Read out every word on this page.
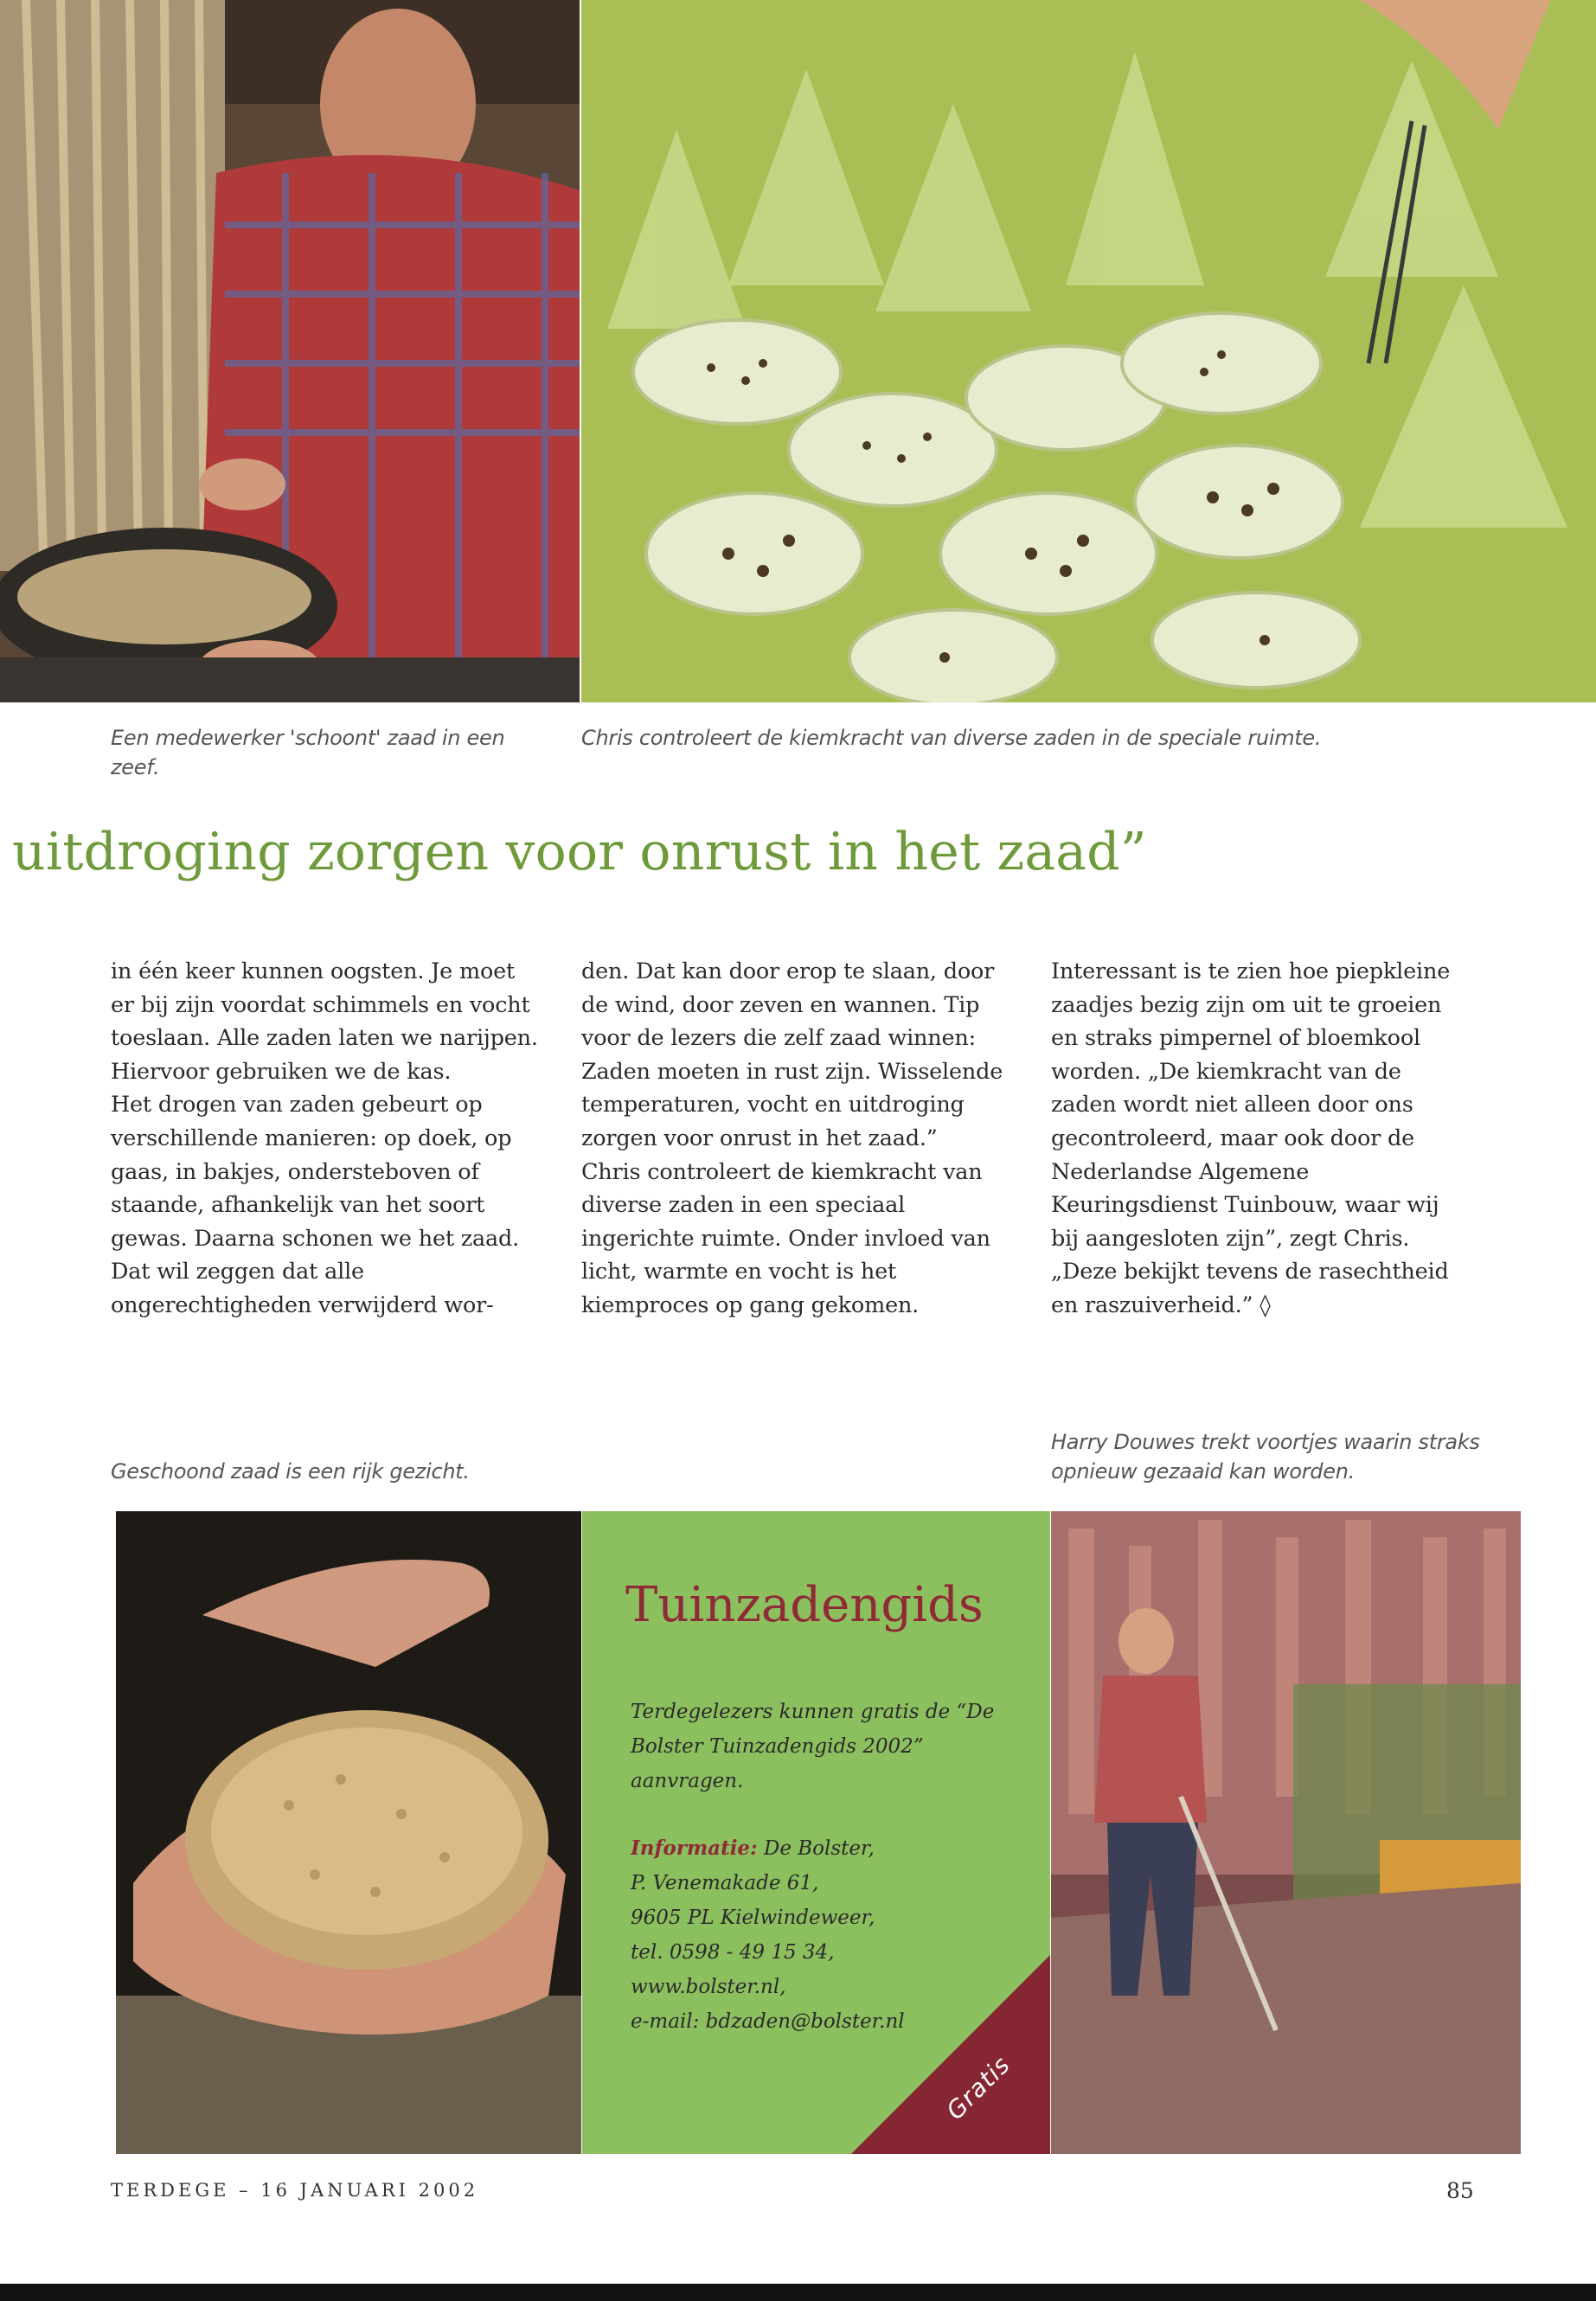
Een medewerker 'schoont' zaad in een zeef.
Chris controleert de kiemkracht van diverse zaden in de speciale ruimte.
uitdroging zorgen voor onrust in het zaad”

in één keer kunnen oogsten. Je moet er bij zijn voordat schimmels en vocht toeslaan. Alle zaden laten we narijpen. Hiervoor gebruiken we de kas.

Het drogen van zaden gebeurt op verschillende manieren: op doek, op gaas, in bakjes, ondersteboven of staande, afhankelijk van het soort gewas. Daarna schonen we het zaad. Dat wil zeggen dat alle ongerechtigheden verwijderd wor-

den. Dat kan door erop te slaan, door de wind, door zeven en wannen. Tip voor de lezers die zelf zaad winnen: Zaden moeten in rust zijn. Wisselende temperaturen, vocht en uitdroging zorgen voor onrust in het zaad.”

Chris controleert de kiemkracht van diverse zaden in een speciaal ingerichte ruimte. Onder invloed van licht, warmte en vocht is het kiemproces op gang gekomen.

Interessant is te zien hoe piepkleine zaadjes bezig zijn om uit te groeien en straks pimpernel of bloemkool worden. „De kiemkracht van de zaden wordt niet alleen door ons gecontroleerd, maar ook door de Nederlandse Algemene Keuringsdienst Tuinbouw, waar wij bij aangesloten zijn”, zegt Chris. „Deze bekijkt tevens de rasechtheid en raszuiverheid.” ◊

Geschoond zaad is een rijk gezicht.
Harry Douwes trekt voortjes waarin straks opnieuw gezaaid kan worden.
Tuinzadengids
Terdegelezers kunnen gratis de “De Bolster Tuinzadengids 2002” aanvragen.
Informatie: De Bolster,
P. Venemakade 61,
9605 PL Kielwindeweer,
tel. 0598 - 49 15 34,
www.bolster.nl,
e-mail: bdzaden@bolster.nl
Gratis
TERDEGE – 16 JANUARI 2002	85
